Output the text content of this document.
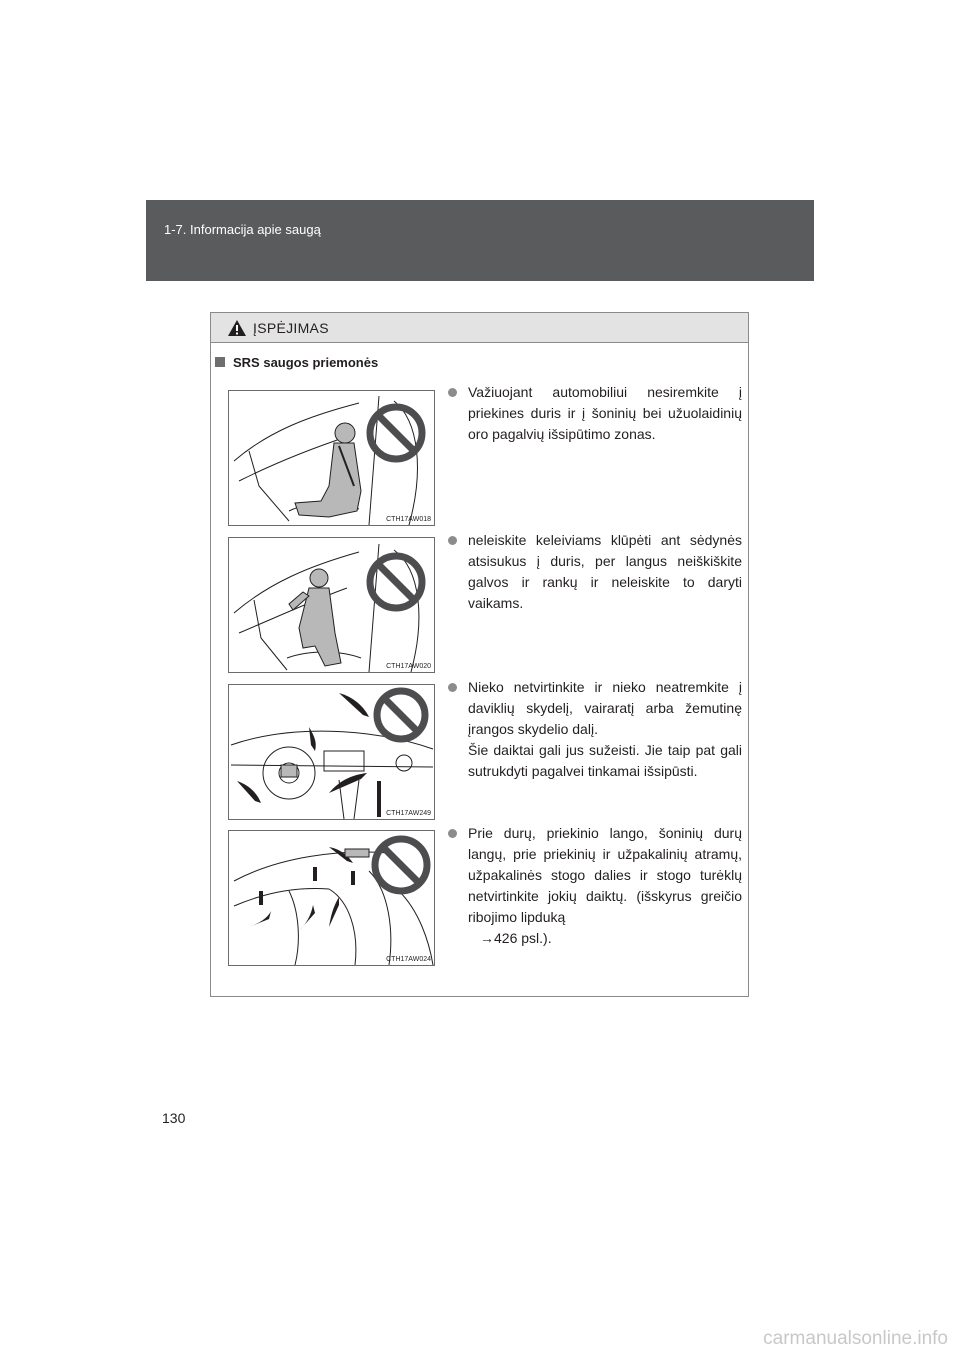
1-7. Informacija apie saugą
ĮSPĖJIMAS
SRS saugos priemonės
CTH17AW018
CTH17AW020
CTH17AW249
CTH17AW024
Važiuojant automobiliui nesiremkite į priekines duris ir į šoninių bei užuolaidinių oro pagalvių išsipūtimo zonas.
neleiskite keleiviams klūpėti ant sėdynės atsisukus į duris, per langus neiškiškite galvos ir rankų ir neleiskite to daryti vaikams.
Nieko netvirtinkite ir nieko neatremkite į daviklių skydelį, vairaratį arba žemutinę įrangos skydelio dalį.
Šie daiktai gali jus sužeisti. Jie taip pat gali sutrukdyti pagalvei tinkamai išsipūsti.
Prie durų, priekinio lango, šoninių durų langų, prie priekinių ir užpakalinių atramų, užpakalinės stogo dalies ir stogo turėklų netvirtinkite jokių daiktų. (išskyrus greičio ribojimo lipduką
→426 psl.).
130
carmanualsonline.info
